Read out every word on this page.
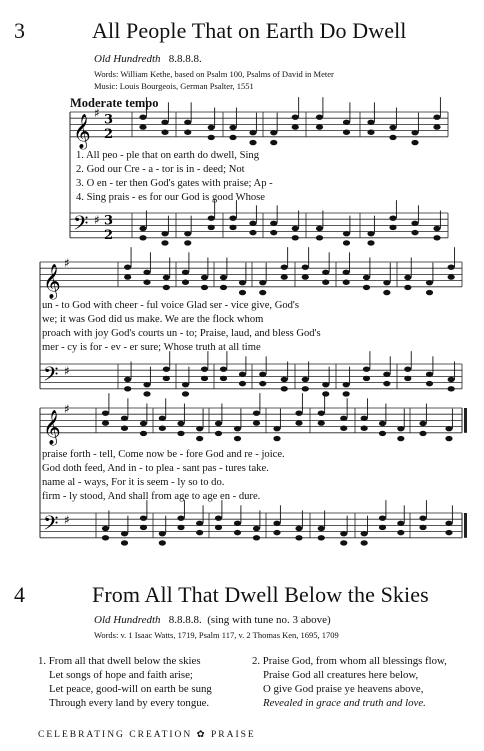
3	All People That on Earth Do Dwell
Old Hundredth 8.8.8.8.
Words: William Kethe, based on Psalm 100, Psalms of David in Meter
Music: Louis Bourgeois, German Psalter, 1551
Moderate tempo
𝄞
𝄢
♯
♯
3
2
3
2
𝄞
𝄢
♯
♯
𝄞
𝄢
♯
♯
1. All peo - ple that on earth do dwell, Sing
2. God our Cre - a - tor is in - deed; Not
3. O en - ter then God's gates with praise; Ap -
4. Sing prais - es for our God is good Whose
un - to God with cheer - ful voice Glad ser - vice give, God's
we; it was God did us make. We are the flock whom
proach with joy God's courts un - to; Praise, laud, and bless God's
mer - cy is for - ev - er sure; Whose truth at all time
praise forth - tell, Come now be - fore God and re - joice.
God doth feed, And in - to plea - sant pas - tures take.
name al - ways, For it is seem - ly so to do.
firm - ly stood, And shall from age to age en - dure.
4	From All That Dwell Below the Skies
Old Hundredth 8.8.8.8. (sing with tune no. 3 above)
Words: v. 1 Isaac Watts, 1719, Psalm 117, v. 2 Thomas Ken, 1695, 1709
1. From all that dwell below the skies
Let songs of hope and faith arise;
Let peace, good-will on earth be sung
Through every land by every tongue.
2. Praise God, from whom all blessings flow,
Praise God all creatures here below,
O give God praise ye heavens above,
Revealed in grace and truth and love.
CELEBRATING CREATION ✿ PRAISE
